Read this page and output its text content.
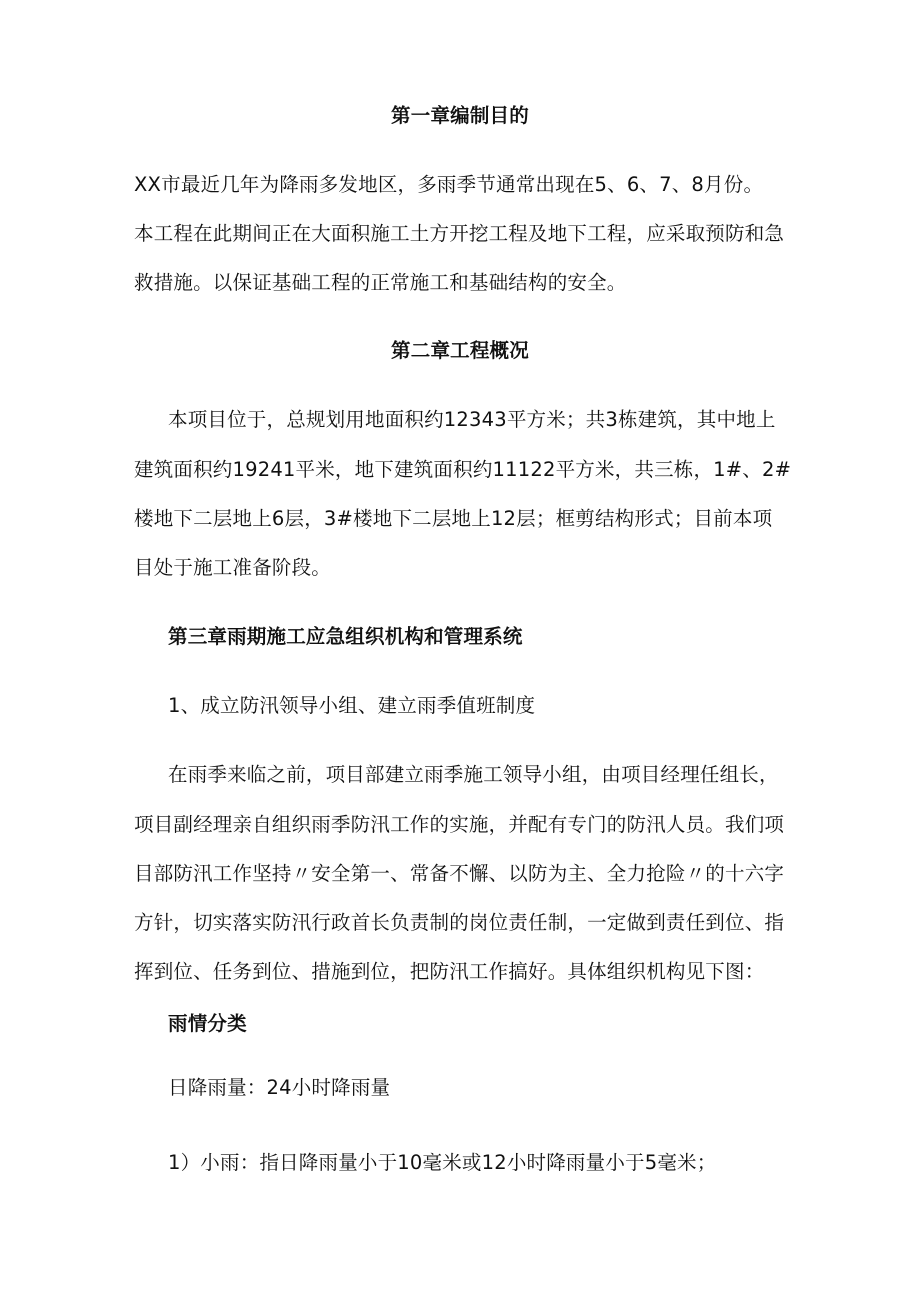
第一章编制目的
XX市最近几年为降雨多发地区，多雨季节通常出现在5、6、7、8月份。
本工程在此期间正在大面积施工土方开挖工程及地下工程，应采取预防和急
救措施。以保证基础工程的正常施工和基础结构的安全。
第二章工程概况
本项目位于，总规划用地面积约12343平方米；共3栋建筑，其中地上
建筑面积约19241平米，地下建筑面积约11122平方米，共三栋，1#、2#
楼地下二层地上6层，3#楼地下二层地上12层；框剪结构形式；目前本项
目处于施工准备阶段。
第三章雨期施工应急组织机构和管理系统
1、成立防汛领导小组、建立雨季值班制度
在雨季来临之前，项目部建立雨季施工领导小组，由项目经理任组长，
项目副经理亲自组织雨季防汛工作的实施，并配有专门的防汛人员。我们项
目部防汛工作坚持〃安全第一、常备不懈、以防为主、全力抢险〃的十六字
方针，切实落实防汛行政首长负责制的岗位责任制，一定做到责任到位、指
挥到位、任务到位、措施到位，把防汛工作搞好。具体组织机构见下图：
雨情分类
日降雨量：24小时降雨量
1）小雨：指日降雨量小于10毫米或12小时降雨量小于5毫米；
